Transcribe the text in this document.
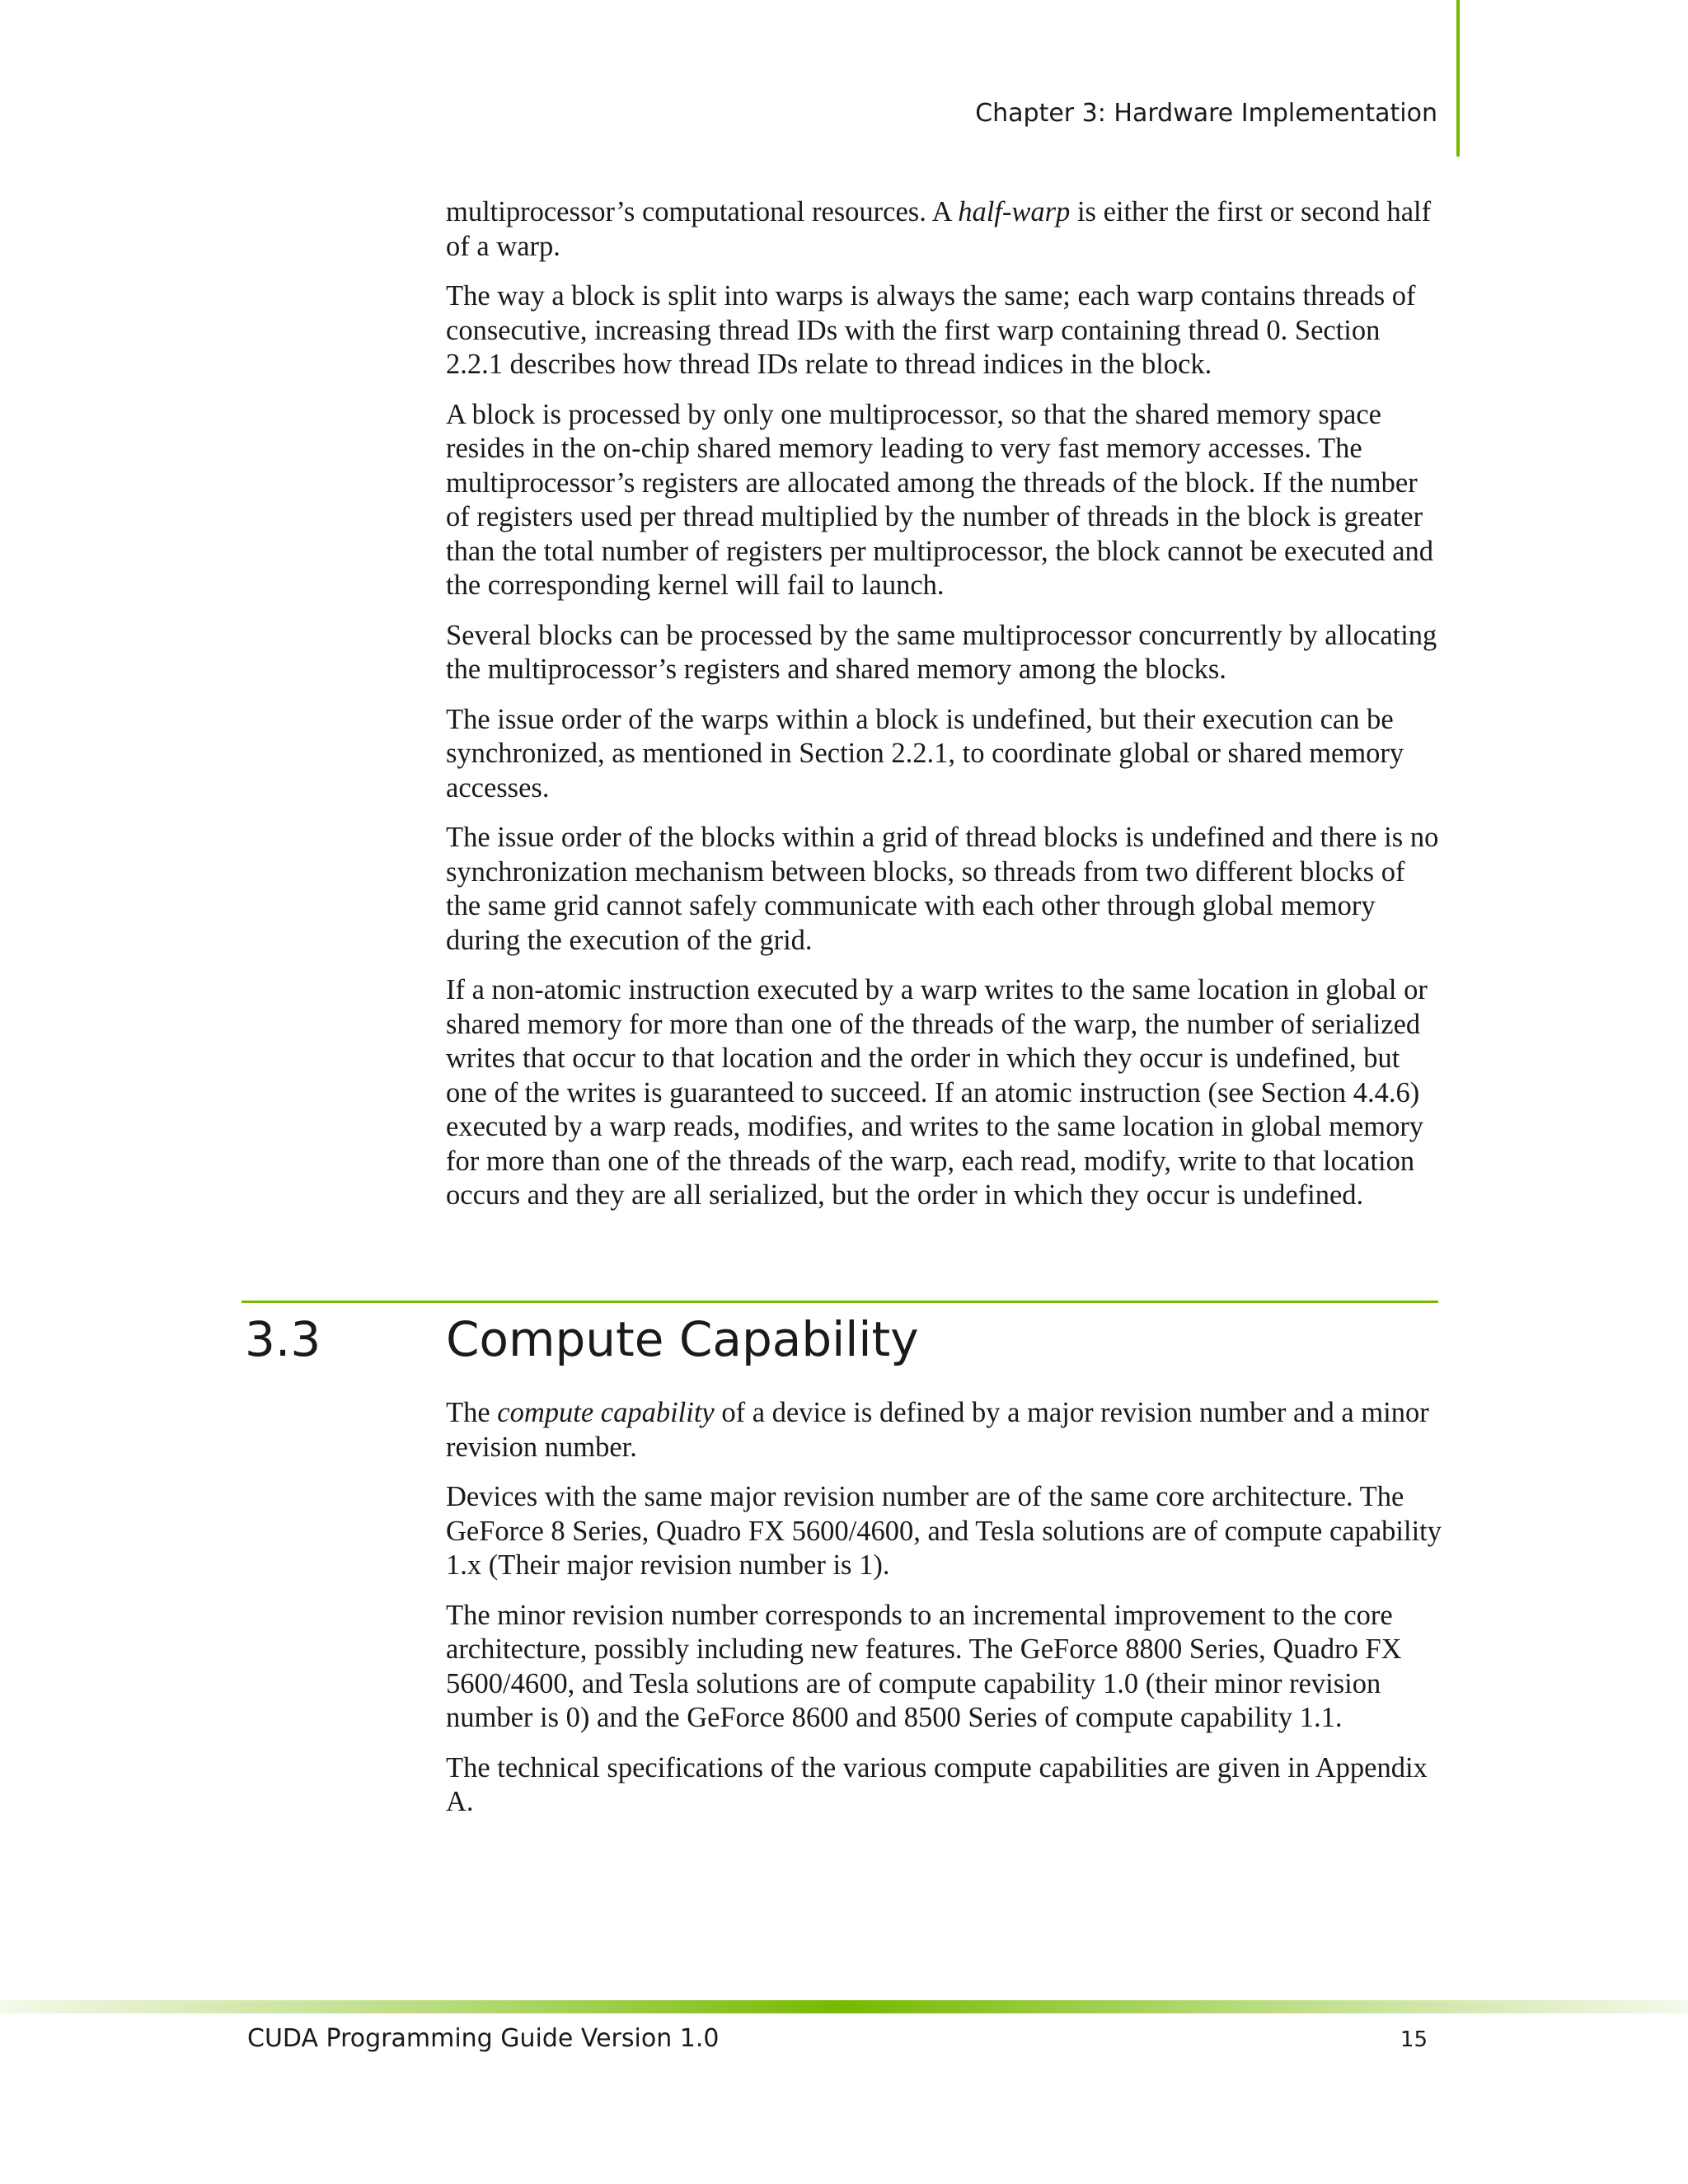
Chapter 3: Hardware Implementation

multiprocessor’s computational resources. A half-warp is either the first or second half of a warp.

The way a block is split into warps is always the same; each warp contains threads of consecutive, increasing thread IDs with the first warp containing thread 0. Section 2.2.1 describes how thread IDs relate to thread indices in the block.

A block is processed by only one multiprocessor, so that the shared memory space resides in the on-chip shared memory leading to very fast memory accesses. The multiprocessor’s registers are allocated among the threads of the block. If the number of registers used per thread multiplied by the number of threads in the block is greater than the total number of registers per multiprocessor, the block cannot be executed and the corresponding kernel will fail to launch.

Several blocks can be processed by the same multiprocessor concurrently by allocating the multiprocessor’s registers and shared memory among the blocks.

The issue order of the warps within a block is undefined, but their execution can be synchronized, as mentioned in Section 2.2.1, to coordinate global or shared memory accesses.

The issue order of the blocks within a grid of thread blocks is undefined and there is no synchronization mechanism between blocks, so threads from two different blocks of the same grid cannot safely communicate with each other through global memory during the execution of the grid.

If a non-atomic instruction executed by a warp writes to the same location in global or shared memory for more than one of the threads of the warp, the number of serialized writes that occur to that location and the order in which they occur is undefined, but one of the writes is guaranteed to succeed. If an atomic instruction (see Section 4.4.6) executed by a warp reads, modifies, and writes to the same location in global memory for more than one of the threads of the warp, each read, modify, write to that location occurs and they are all serialized, but the order in which they occur is undefined.

3.3	Compute Capability

The compute capability of a device is defined by a major revision number and a minor revision number.

Devices with the same major revision number are of the same core architecture. The GeForce 8 Series, Quadro FX 5600/4600, and Tesla solutions are of compute capability 1.x (Their major revision number is 1).

The minor revision number corresponds to an incremental improvement to the core architecture, possibly including new features. The GeForce 8800 Series, Quadro FX 5600/4600, and Tesla solutions are of compute capability 1.0 (their minor revision number is 0) and the GeForce 8600 and 8500 Series of compute capability 1.1.

The technical specifications of the various compute capabilities are given in Appendix A.

CUDA Programming Guide Version 1.0	15
